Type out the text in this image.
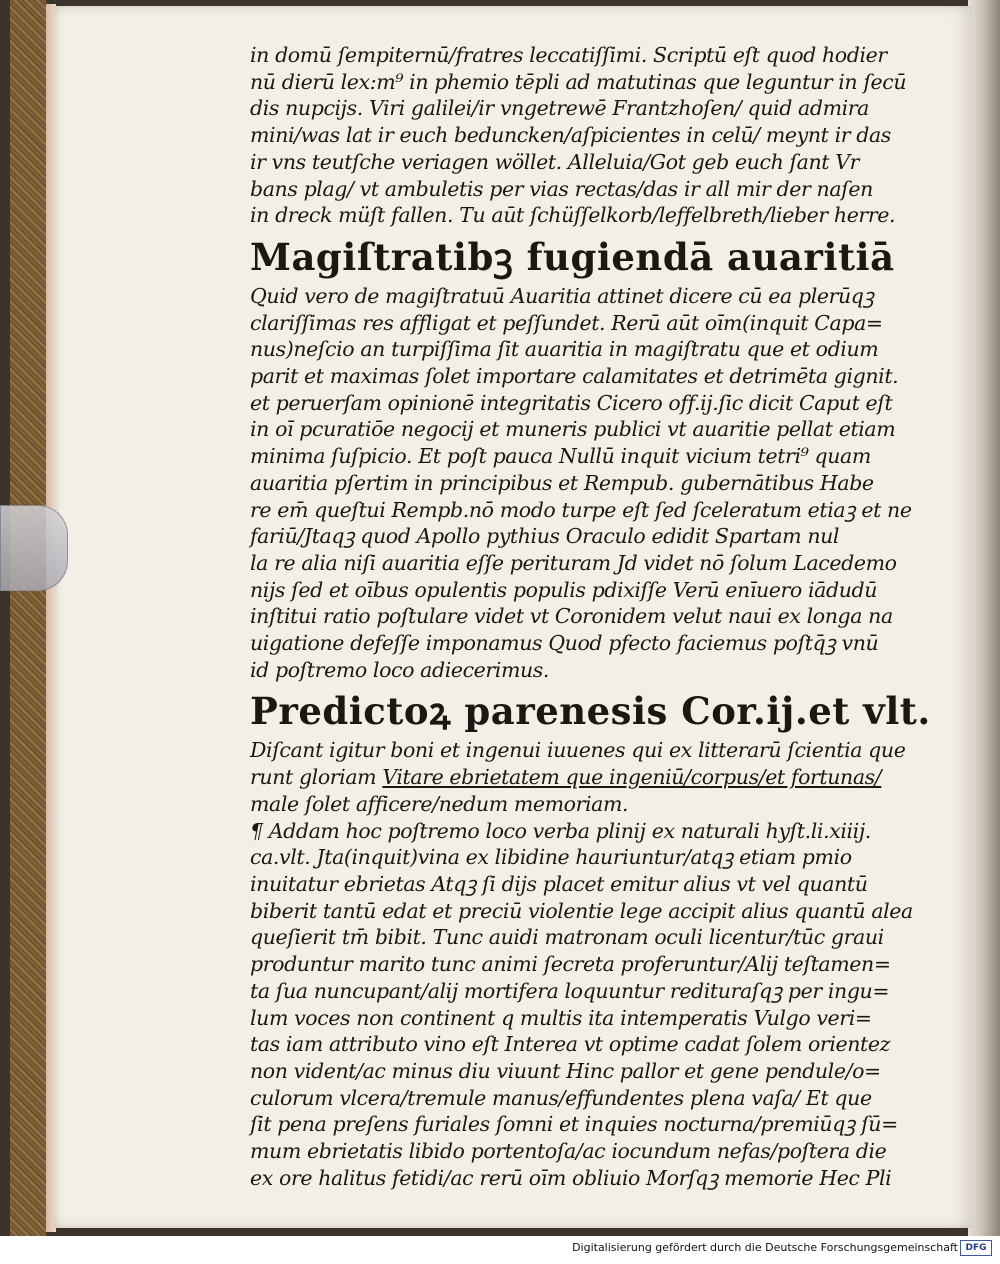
in domū ſempiternū/fratres leccatiſſimi. Scriptū eſt quod hodier
nū dierū lex:m⁹ in phemio tēpli ad matutinas que leguntur in ſecū
dis nupcijs. Viri galilei/ir vngetrewē Frantzhoſen/ quid admira
mini/was lat ir euch beduncken/aſpicientes in celū/ meynt ir das
ir vns teutſche veriagen wöllet. Alleluia/Got geb euch ſant Vr
bans plag/ vt ambuletis per vias rectas/das ir all mir der naſen
in dreck müſt fallen. Tu aūt ſchüſſelkorb/leffelbreth/lieber herre.
Magiſtratibꝫ fugiendā auaritiā
Quid vero de magiſtratuū Auaritia attinet dicere cū ea plerūqꝫ
clariſſimas res affligat et peſſundet. Rerū aūt oīm(inquit Capa=
nus)neſcio an turpiſſima ſit auaritia in magiſtratu que et odium
parit et maximas ſolet importare calamitates et detrimēta gignit.
et peruerſam opinionē integritatis Cicero off.ij.ſic dicit Caput eſt
in oī pcuratiōe negocij et muneris publici vt auaritie pellat etiam
minima ſuſpicio. Et poſt pauca Nullū inquit vicium tetri⁹ quam
auaritia pſertim in principibus et Rempub. gubernātibus Habe
re em̄ queſtui Rempb.nō modo turpe eſt ſed ſceleratum etiaꝫ et ne
fariū/Jtaqꝫ quod Apollo pythius Oraculo edidit Spartam nul
la re alia niſi auaritia eſſe perituram Jd videt nō ſolum Lacedemo
nijs ſed et oībus opulentis populis pdixiſſe Verū enīuero iādudū
inſtitui ratio poſtulare videt vt Coronidem velut naui ex longa na
uigatione defeſſe imponamus Quod pfecto faciemus poſtq̄ꝫ vnū
id poſtremo loco adiecerimus.
Predictoꝝ parenesis Cor.ij.et vlt.
Diſcant igitur boni et ingenui iuuenes qui ex litterarū ſcientia que
runt gloriam Vitare ebrietatem que ingeniū/corpus/et fortunas/
male ſolet afficere/nedum memoriam.
¶ Addam hoc poſtremo loco verba plinij ex naturali hyſt.li.xiiij.
ca.vlt. Jta(inquit)vina ex libidine hauriuntur/atqꝫ etiam pmio
inuitatur ebrietas Atqꝫ ſi dijs placet emitur alius vt vel quantū
biberit tantū edat et preciū violentie lege accipit alius quantū alea
queſierit tm̄ bibit. Tunc auidi matronam oculi licentur/tūc graui
produntur marito tunc animi ſecreta proferuntur/Alij teſtamen=
ta ſua nuncupant/alij mortifera loquuntur redituraſqꝫ per ingu=
lum voces non continent q multis ita intemperatis Vulgo veri=
tas iam attributo vino eſt Interea vt optime cadat ſolem orientez
non vident/ac minus diu viuunt Hinc pallor et gene pendule/o=
culorum vlcera/tremule manus/effundentes plena vaſa/ Et que
ſit pena preſens furiales ſomni et inquies nocturna/premiūqꝫ ſū=
mum ebrietatis libido portentoſa/ac iocundum nefas/poſtera die
ex ore halitus fetidi/ac rerū oīm obliuio Morſqꝫ memorie Hec Pli
Digitalisierung gefördert durch die Deutsche Forschungsgemeinschaft DFG
